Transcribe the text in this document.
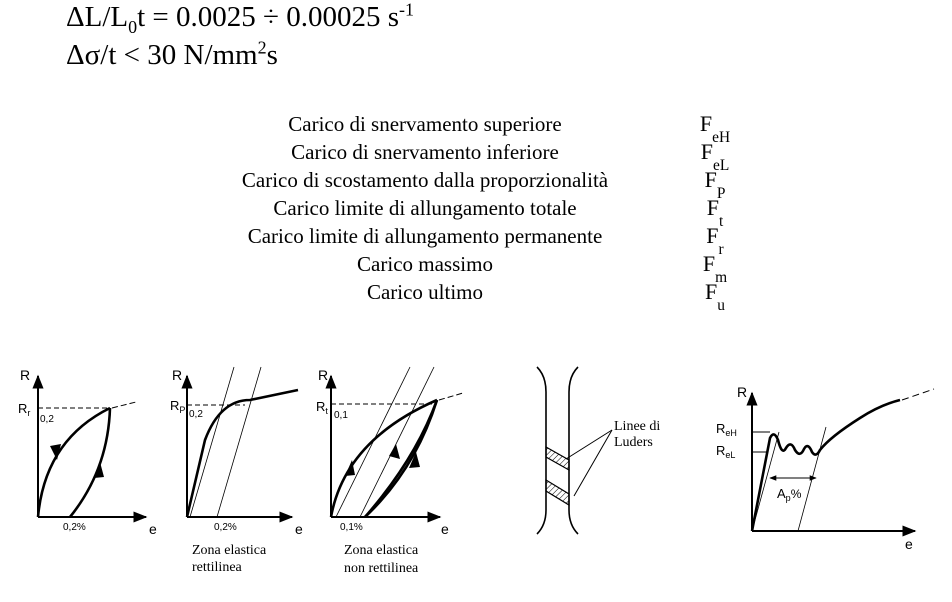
$\Delta L/L_0t = 0.0025 \div 0.00025$ $s^{-1}$
Δσ/t < 30 $N/mm^2s$
Carico di snervamento superiore	$F_{eH}$
Carico di snervamento inferiore	$F_{eL}$
Carico di scostamento dalla proporzionalità	$F_P$
Carico limite di allungamento totale	$F_t$
Carico limite di allungamento permanente	$F_r$
Carico massimo	$F_m$
Carico ultimo	$F_u$
R
e
$R_r$
0,2
0,2%
R
e
$R_P$ 0,2
0,2%
Zona elastica
rettilinea
R
e
$R_t$ 0,1
0,1%
Zona elastica
non rettilinea
Linee di
Luders
R
e
$R_{eH}$
$R_{eL}$
$A_p\%$
